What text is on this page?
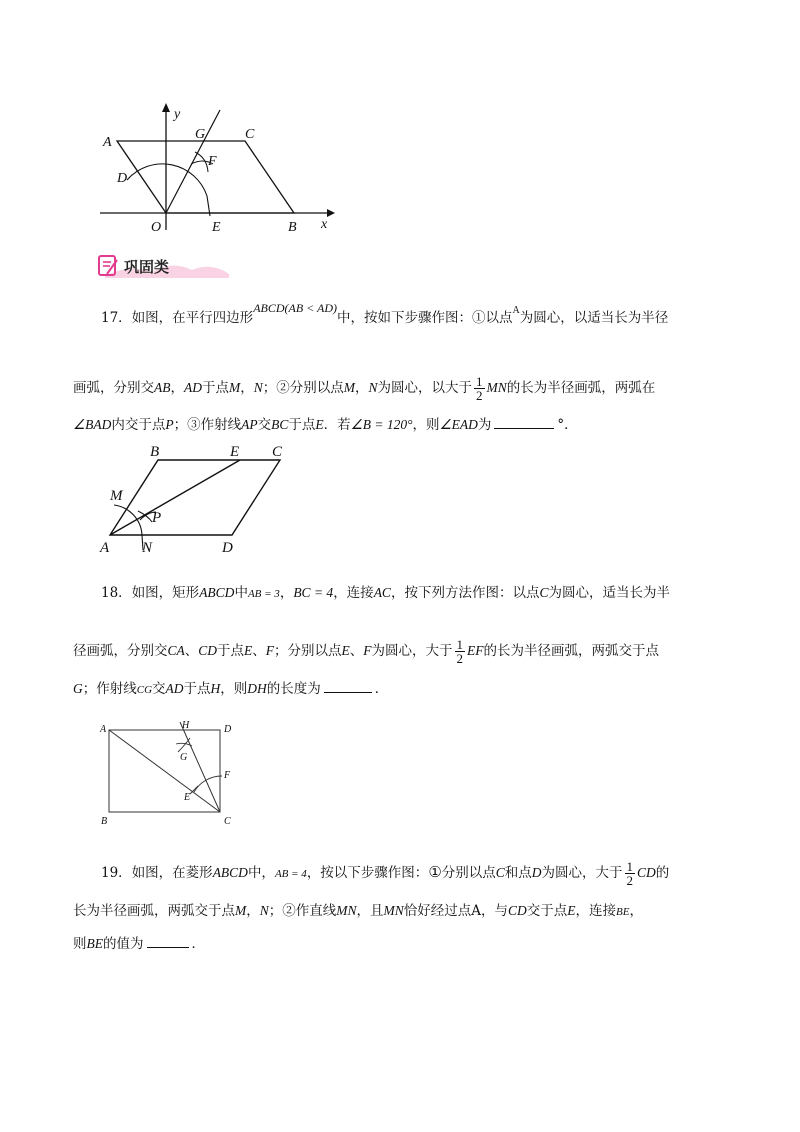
A
C
G
F
D
O	E	B x
y
巩固类
17．如图，在平行四边形ABCD(AB < AD)中，按如下步骤作图：①以点$^A$为圆心，以适当长为半径
画弧，分别交AB，AD于点M，N；②分别以点M，N为圆心，以大于 $\frac{1}{2}$ MN的长为半径画弧，两弧在
∠BAD内交于点P；③作射线AP交BC于点E．若∠B = 120°，则∠EAD为	°．
B	E C
M
P
A N	D
18．如图，矩形ABCD中AB = 3，BC = 4，连接AC，按下列方法作图：以点C为圆心，适当长为半
径画弧，分别交CA、CD于点E、F；分别以点E、F为圆心，大于 $\frac{1}{2}$ EF的长为半径画弧，两弧交于点
G；作射线CG交AD于点H，则DH的长度为	．
A	H	D
G
F
E
B	C
19．如图，在菱形ABCD中，AB = 4，按以下步骤作图：①分别以点C和点D为圆心，大于 $\frac{1}{2}$ CD的
长为半径画弧，两弧交于点M，N；②作直线MN，且MN恰好经过点A，与CD交于点E，连接BE，
则BE的值为	．
